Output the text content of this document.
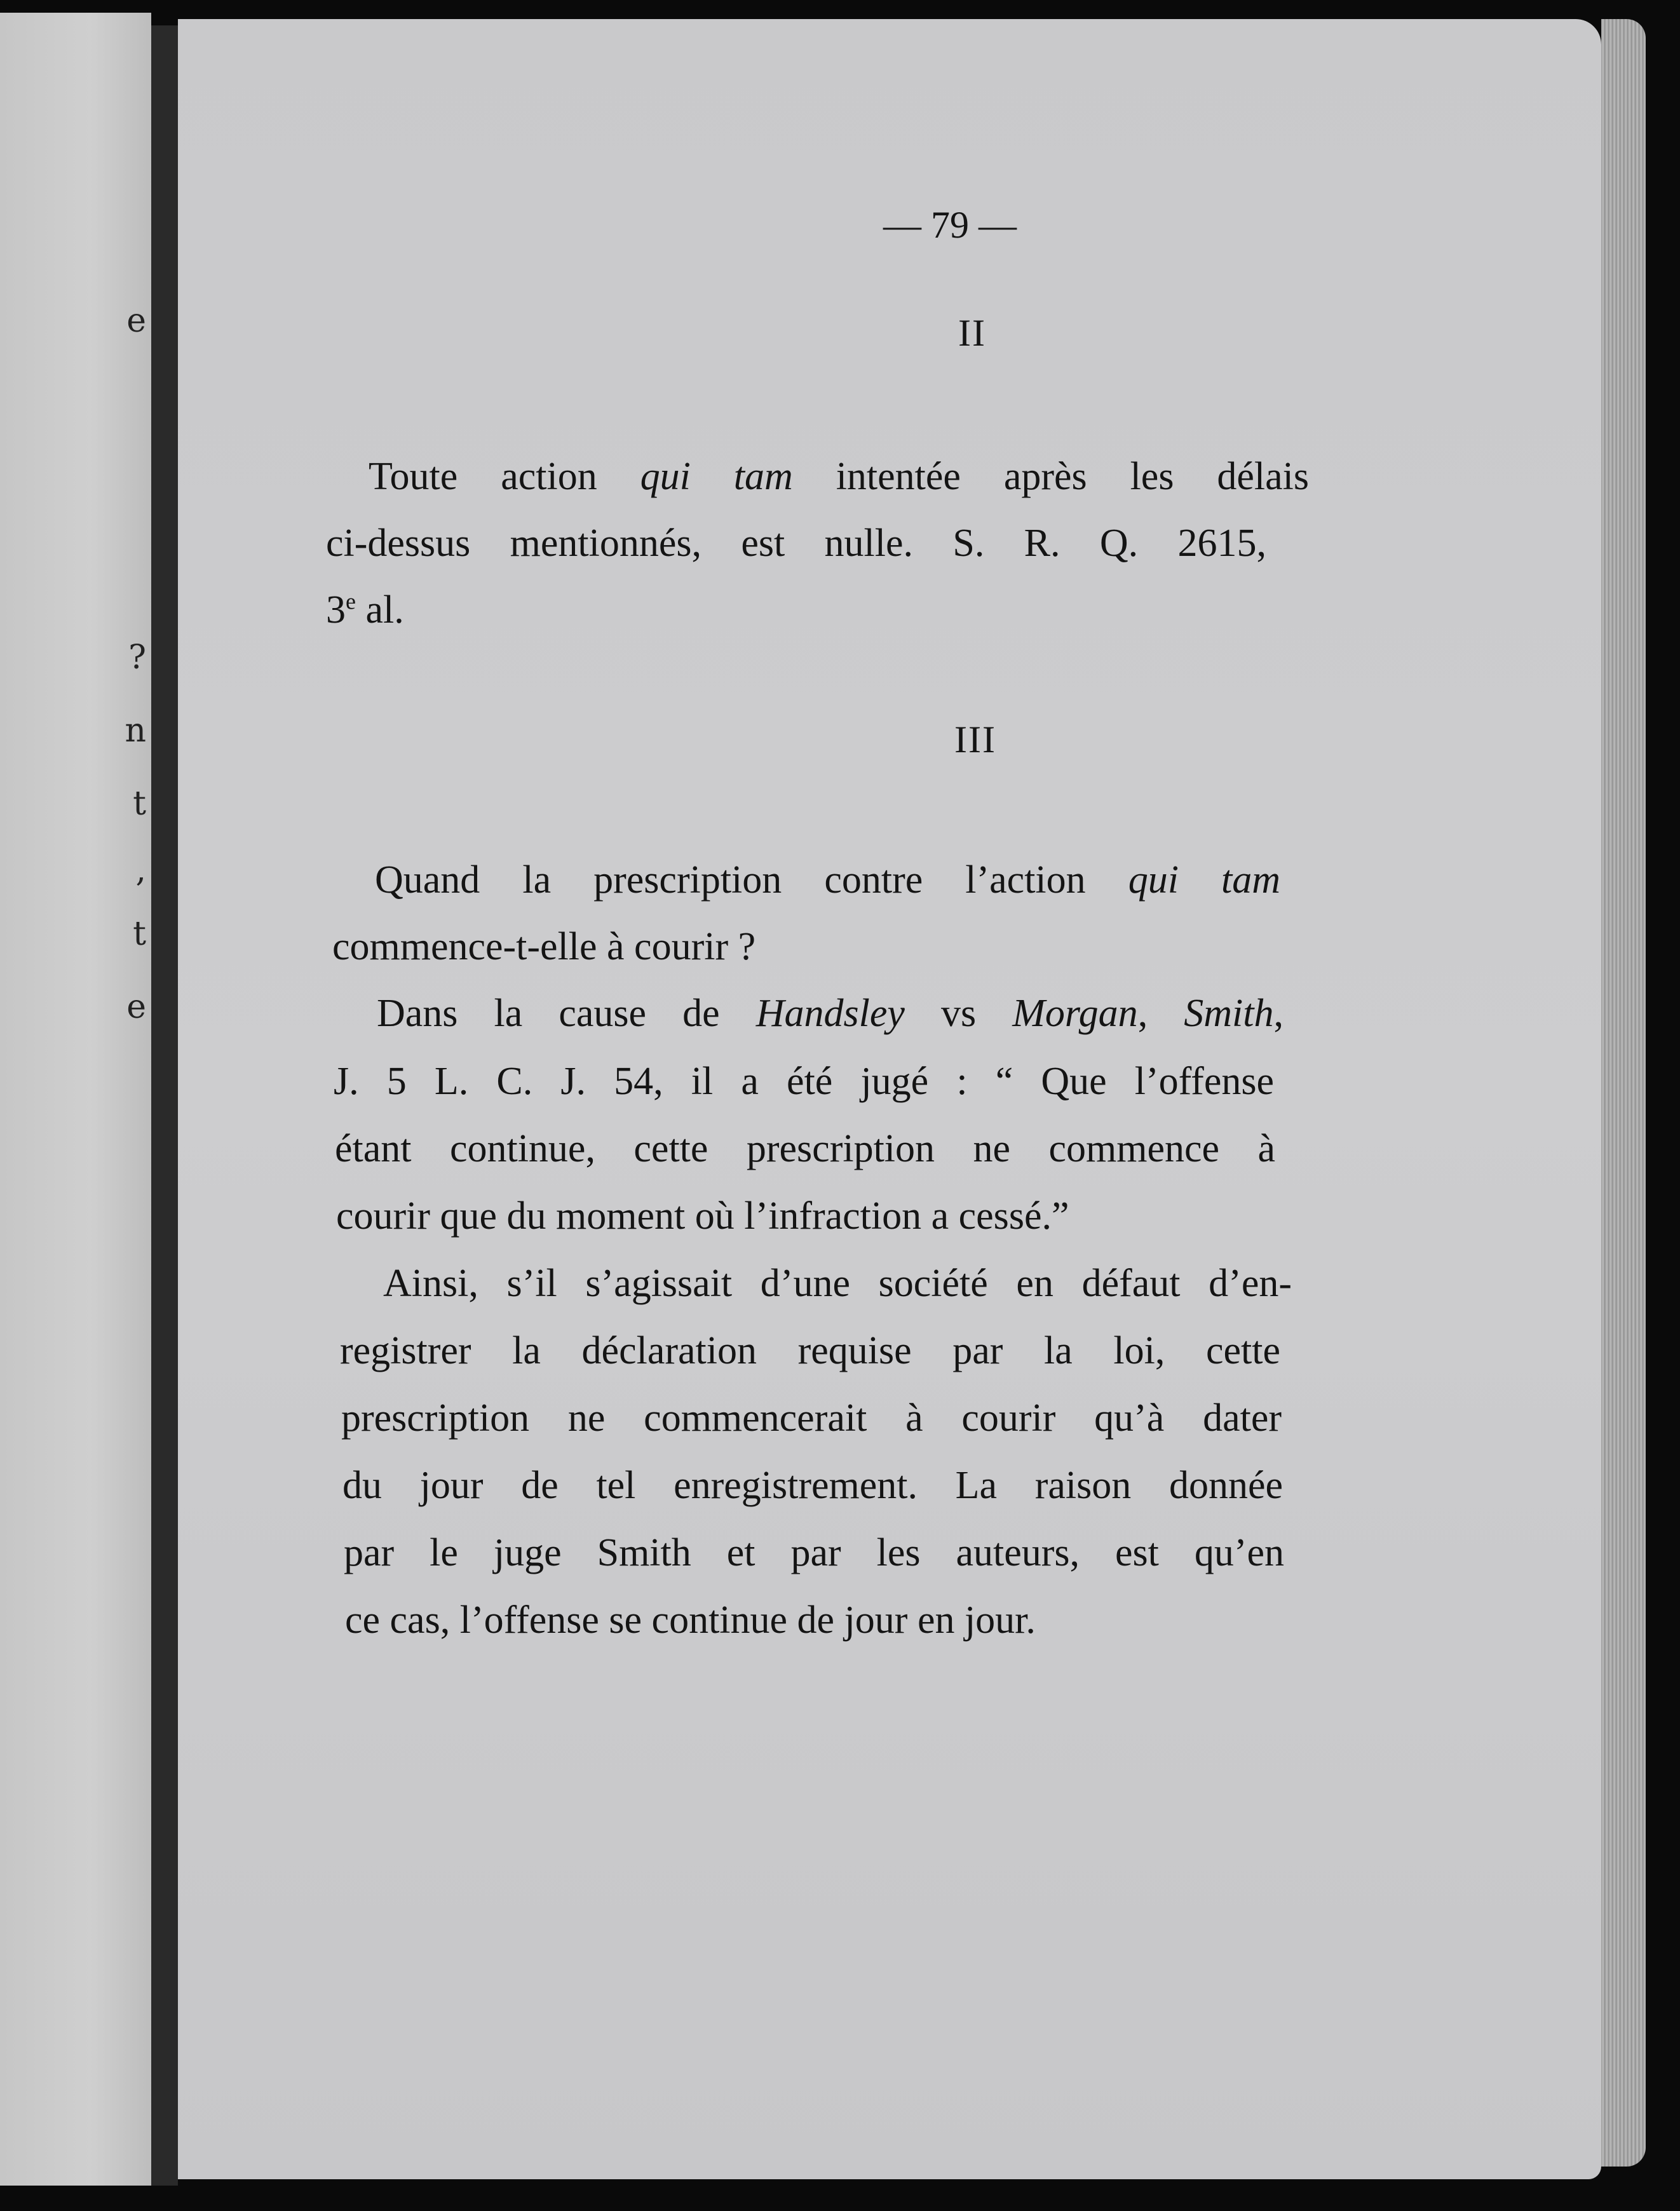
e
?
n
t
,
t
e
— 79 —
II
Toute action qui tam intentée après les délais
ci-dessus mentionnés, est nulle. S. R. Q. 2615,
3e al.
III
Quand la prescription contre l’action qui tam
commence-t-elle à courir ?
Dans la cause de Handsley vs Morgan, Smith,
J. 5 L. C. J. 54, il a été jugé : “ Que l’offense
étant continue, cette prescription ne commence à
courir que du moment où l’infraction a cessé.”
Ainsi, s’il s’agissait d’une société en défaut d’en-
registrer la déclaration requise par la loi, cette
prescription ne commencerait à courir qu’à dater
du jour de tel enregistrement. La raison donnée
par le juge Smith et par les auteurs, est qu’en
ce cas, l’offense se continue de jour en jour.
